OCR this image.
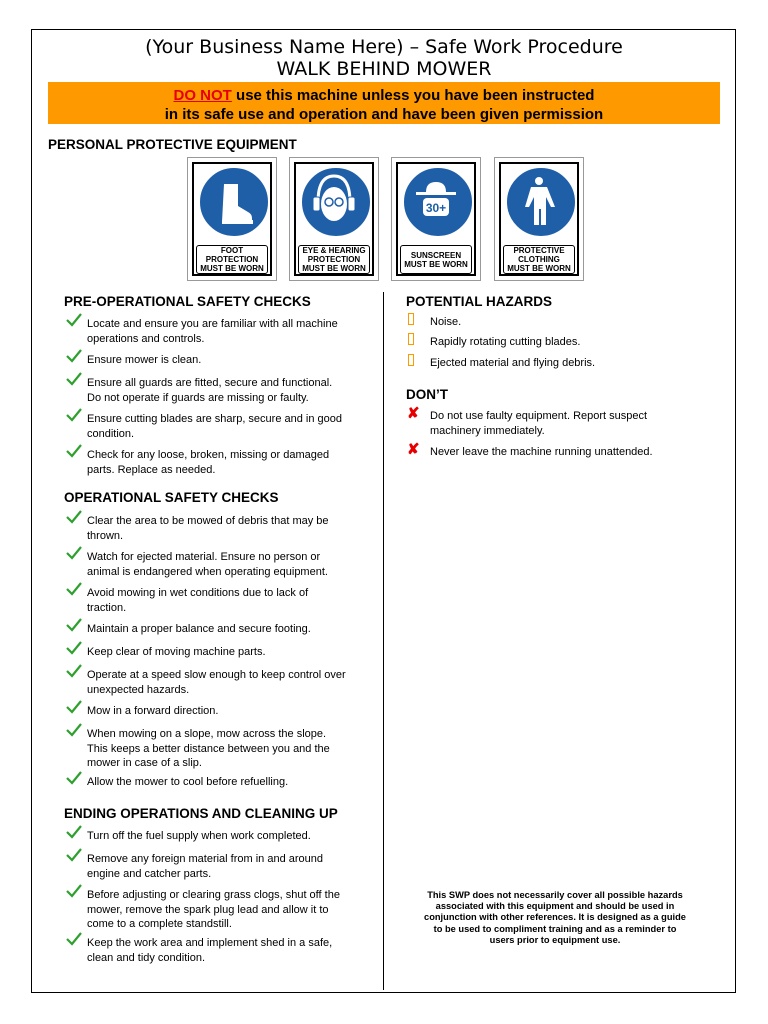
(Your Business Name Here) – Safe Work Procedure
WALK BEHIND MOWER
DO NOT use this machine unless you have been instructed
in its safe use and operation and have been given permission
PERSONAL PROTECTIVE EQUIPMENT
FOOT
PROTECTION
MUST BE WORN
EYE & HEARING
PROTECTION
MUST BE WORN
30+
SUNSCREEN
MUST BE WORN
PROTECTIVE
CLOTHING
MUST BE WORN
PRE-OPERATIONAL SAFETY CHECKS
Locate and ensure you are familiar with all machine
operations and controls.
Ensure mower is clean.
Ensure all guards are fitted, secure and functional.
Do not operate if guards are missing or faulty.
Ensure cutting blades are sharp, secure and in good
condition.
Check for any loose, broken, missing or damaged
parts. Replace as needed.
OPERATIONAL SAFETY CHECKS
Clear the area to be mowed of debris that may be
thrown.
Watch for ejected material. Ensure no person or
animal is endangered when operating equipment.
Avoid mowing in wet conditions due to lack of
traction.
Maintain a proper balance and secure footing.
Keep clear of moving machine parts.
Operate at a speed slow enough to keep control over
unexpected hazards.
Mow in a forward direction.
When mowing on a slope, mow across the slope.
This keeps a better distance between you and the
mower in case of a slip.
Allow the mower to cool before refuelling.
ENDING OPERATIONS AND CLEANING UP
Turn off the fuel supply when work completed.
Remove any foreign material from in and around
engine and catcher parts.
Before adjusting or clearing grass clogs, shut off the
mower, remove the spark plug lead and allow it to
come to a complete standstill.
Keep the work area and implement shed in a safe,
clean and tidy condition.
POTENTIAL HAZARDS
Noise.
Rapidly rotating cutting blades.
Ejected material and flying debris.
DON’T
✘ Do not use faulty equipment. Report suspect
machinery immediately.
✘ Never leave the machine running unattended.
This SWP does not necessarily cover all possible hazards
associated with this equipment and should be used in
conjunction with other references. It is designed as a guide
to be used to compliment training and as a reminder to
users prior to equipment use.
